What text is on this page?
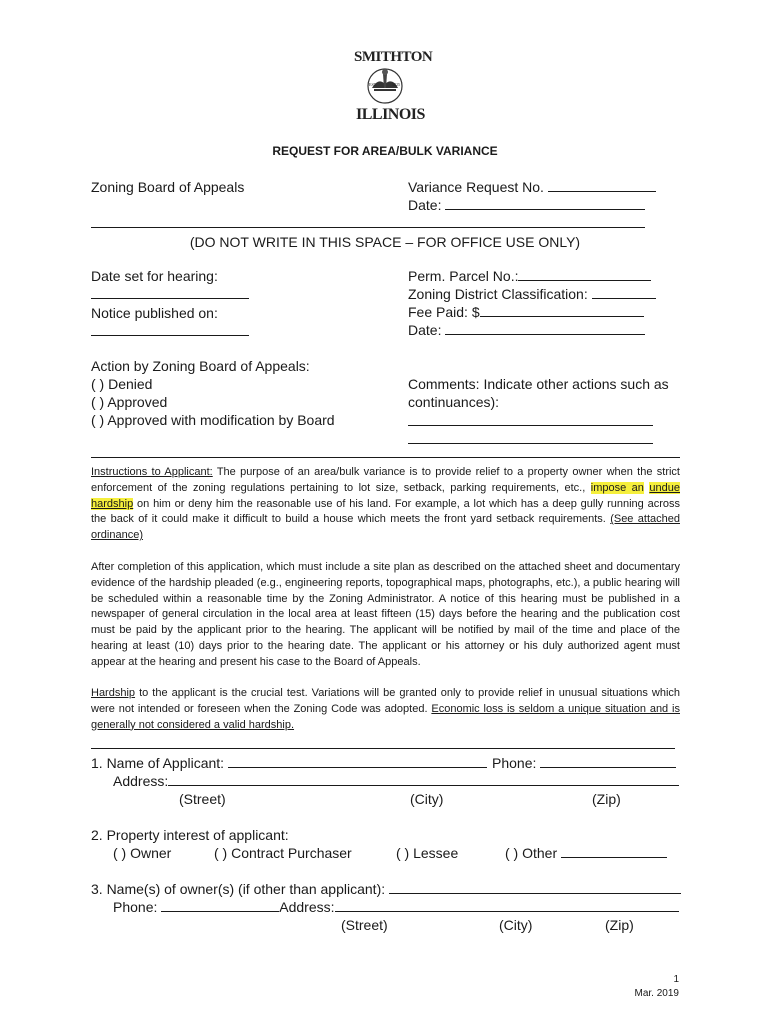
SMITHTON
ILLINOIS
EST.	1825
REQUEST FOR AREA/BULK VARIANCE
Zoning Board of Appeals	Variance Request No.
Date:
(DO NOT WRITE IN THIS SPACE – FOR OFFICE USE ONLY)
Date set for hearing:
Notice published on:
Perm. Parcel No.:
Zoning District Classification:
Fee Paid: $
Date:
Action by Zoning Board of Appeals:
( ) Denied
( ) Approved
( ) Approved with modification by Board
Comments: Indicate other actions such as
continuances):
Instructions to Applicant: The purpose of an area/bulk variance is to provide relief to a property owner when the strict enforcement of the zoning regulations pertaining to lot size, setback, parking requirements, etc., impose an undue hardship on him or deny him the reasonable use of his land. For example, a lot which has a deep gully running across the back of it could make it difficult to build a house which meets the front yard setback requirements. (See attached ordinance)
After completion of this application, which must include a site plan as described on the attached sheet and documentary evidence of the hardship pleaded (e.g., engineering reports, topographical maps, photographs, etc.), a public hearing will be scheduled within a reasonable time by the Zoning Administrator. A notice of this hearing must be published in a newspaper of general circulation in the local area at least fifteen (15) days before the hearing and the publication cost must be paid by the applicant prior to the hearing. The applicant will be notified by mail of the time and place of the hearing at least (10) days prior to the hearing date. The applicant or his attorney or his duly authorized agent must appear at the hearing and present his case to the Board of Appeals.
Hardship to the applicant is the crucial test. Variations will be granted only to provide relief in unusual situations which were not intended or foreseen when the Zoning Code was adopted. Economic loss is seldom a unique situation and is generally not considered a valid hardship.
1. Name of Applicant:	Phone:
Address:
(Street)	(City)	(Zip)
2. Property interest of applicant:
( ) Owner	( ) Contract Purchaser	( ) Lessee	( ) Other
3. Name(s) of owner(s) (if other than applicant):
Phone:	Address:
(Street)	(City)	(Zip)
1
Mar. 2019
